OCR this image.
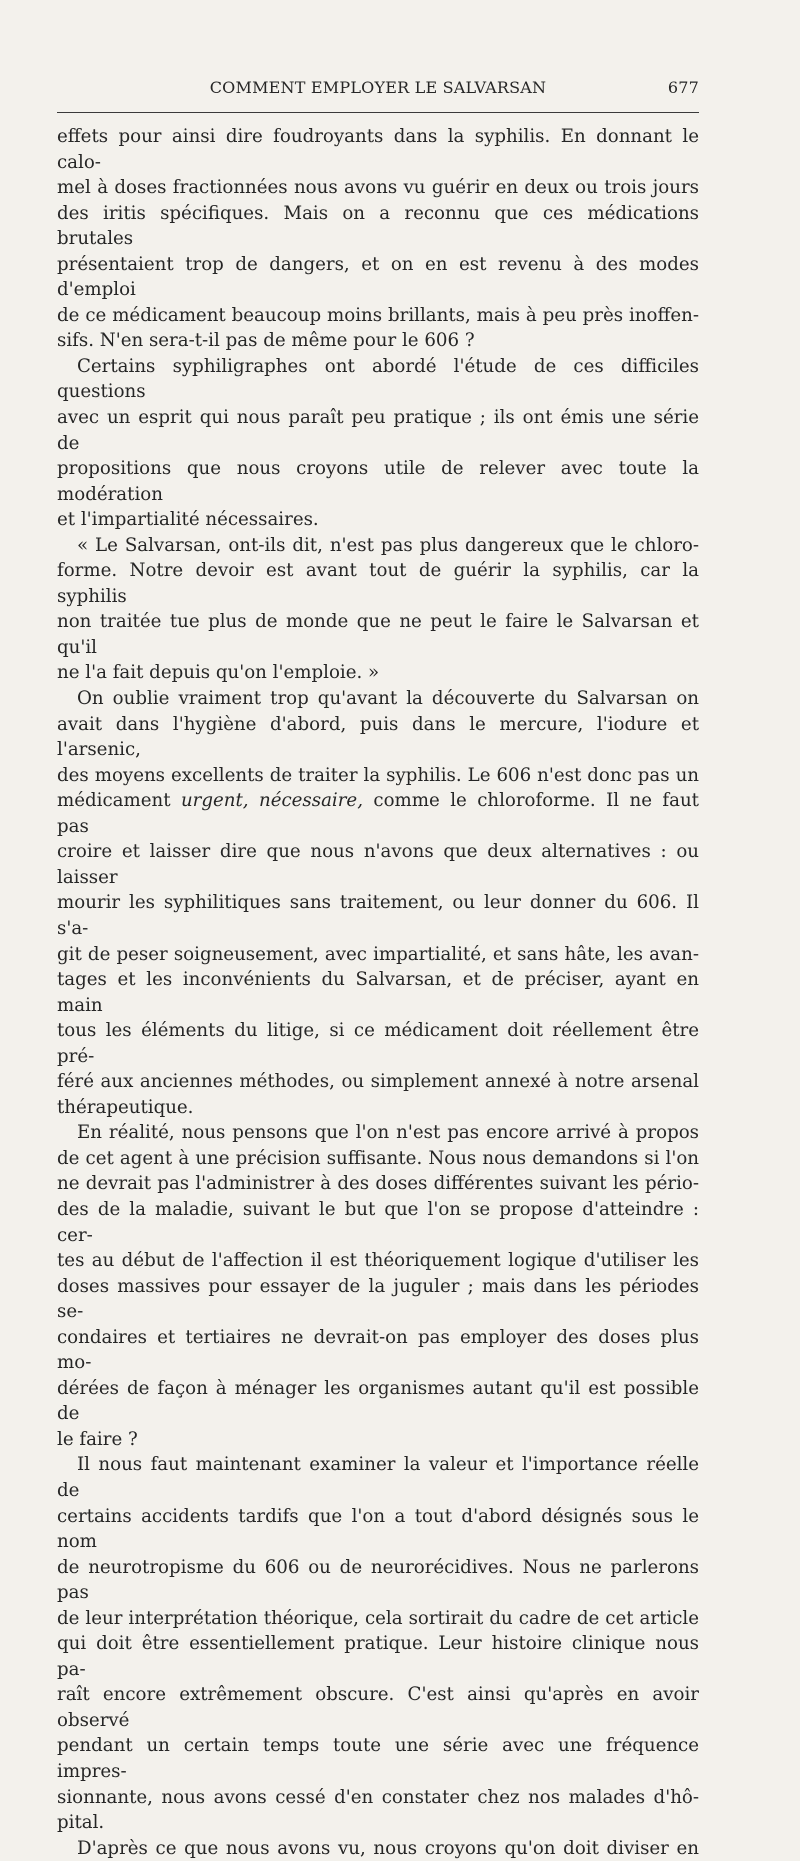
COMMENT EMPLOYER LE SALVARSAN	677

effets pour ainsi dire foudroyants dans la syphilis. En donnant le calo-

mel à doses fractionnées nous avons vu guérir en deux ou trois jours

des iritis spécifiques. Mais on a reconnu que ces médications brutales

présentaient trop de dangers, et on en est revenu à des modes d'emploi

de ce médicament beaucoup moins brillants, mais à peu près inoffen-

sifs. N'en sera-t-il pas de même pour le 606 ?

Certains syphiligraphes ont abordé l'étude de ces difficiles questions

avec un esprit qui nous paraît peu pratique ; ils ont émis une série de

propositions que nous croyons utile de relever avec toute la modération

et l'impartialité nécessaires.

« Le Salvarsan, ont-ils dit, n'est pas plus dangereux que le chloro-

forme. Notre devoir est avant tout de guérir la syphilis, car la syphilis

non traitée tue plus de monde que ne peut le faire le Salvarsan et qu'il

ne l'a fait depuis qu'on l'emploie. »

On oublie vraiment trop qu'avant la découverte du Salvarsan on

avait dans l'hygiène d'abord, puis dans le mercure, l'iodure et l'arsenic,

des moyens excellents de traiter la syphilis. Le 606 n'est donc pas un

médicament urgent, nécessaire, comme le chloroforme. Il ne faut pas

croire et laisser dire que nous n'avons que deux alternatives : ou laisser

mourir les syphilitiques sans traitement, ou leur donner du 606. Il s'a-

git de peser soigneusement, avec impartialité, et sans hâte, les avan-

tages et les inconvénients du Salvarsan, et de préciser, ayant en main

tous les éléments du litige, si ce médicament doit réellement être pré-

féré aux anciennes méthodes, ou simplement annexé à notre arsenal

thérapeutique.

En réalité, nous pensons que l'on n'est pas encore arrivé à propos

de cet agent à une précision suffisante. Nous nous demandons si l'on

ne devrait pas l'administrer à des doses différentes suivant les pério-

des de la maladie, suivant le but que l'on se propose d'atteindre : cer-

tes au début de l'affection il est théoriquement logique d'utiliser les

doses massives pour essayer de la juguler ; mais dans les périodes se-

condaires et tertiaires ne devrait-on pas employer des doses plus mo-

dérées de façon à ménager les organismes autant qu'il est possible de

le faire ?

Il nous faut maintenant examiner la valeur et l'importance réelle de

certains accidents tardifs que l'on a tout d'abord désignés sous le nom

de neurotropisme du 606 ou de neurorécidives. Nous ne parlerons pas

de leur interprétation théorique, cela sortirait du cadre de cet article

qui doit être essentiellement pratique. Leur histoire clinique nous pa-

raît encore extrêmement obscure. C'est ainsi qu'après en avoir observé

pendant un certain temps toute une série avec une fréquence impres-

sionnante, nous avons cessé d'en constater chez nos malades d'hô-

pital.

D'après ce que nous avons vu, nous croyons qu'on doit diviser en
